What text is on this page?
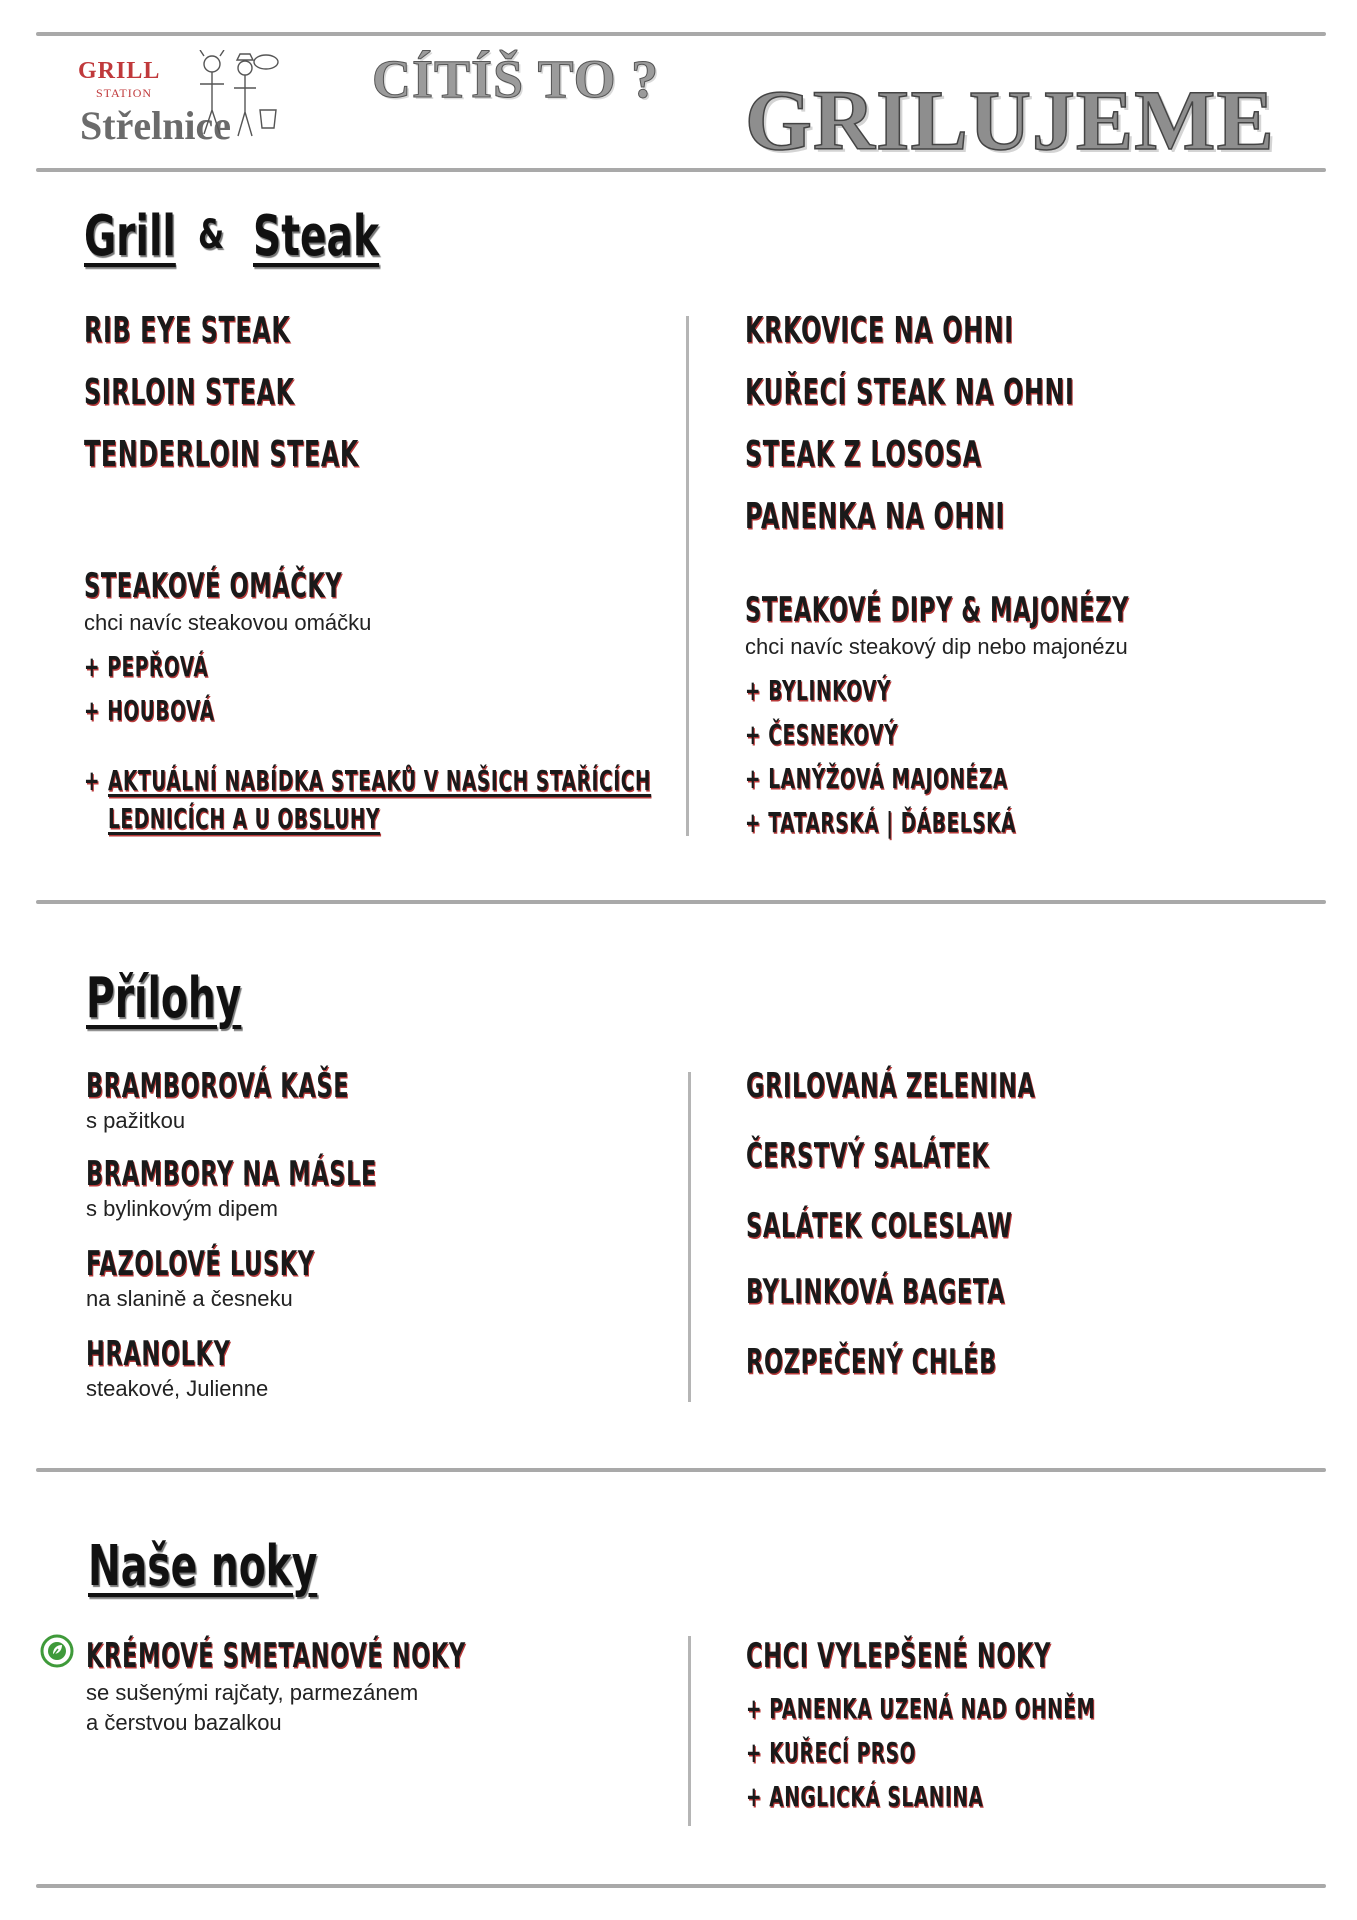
GRILL
STATION
Střelnice
CÍTÍŠ TO ? GRILUJEME
Grill & Steak
RIB EYE STEAK
SIRLOIN STEAK
TENDERLOIN STEAK
KRKOVICE NA OHNI
KUŘECÍ STEAK NA OHNI
STEAK Z LOSOSA
PANENKA NA OHNI
STEAKOVÉ OMÁČKY
chci navíc steakovou omáčku
+ PEPŘOVÁ
+ HOUBOVÁ
+ AKTUÁLNÍ NABÍDKA STEAKŮ V NAŠICH STAŘÍCÍCH
LEDNICÍCH A U OBSLUHY
STEAKOVÉ DIPY & MAJONÉZY
chci navíc steakový dip nebo majonézu
+ BYLINKOVÝ
+ ČESNEKOVÝ
+ LANÝŽOVÁ MAJONÉZA
+ TATARSKÁ | ĎÁBELSKÁ
Přílohy
BRAMBOROVÁ KAŠE
s pažitkou
BRAMBORY NA MÁSLE
s bylinkovým dipem
FAZOLOVÉ LUSKY
na slanině a česneku
HRANOLKY
steakové, Julienne
GRILOVANÁ ZELENINA
ČERSTVÝ SALÁTEK
SALÁTEK COLESLAW
BYLINKOVÁ BAGETA
ROZPEČENÝ CHLÉB
Naše noky
KRÉMOVÉ SMETANOVÉ NOKY
se sušenými rajčaty, parmezánem
a čerstvou bazalkou
CHCI VYLEPŠENÉ NOKY
+ PANENKA UZENÁ NAD OHNĚM
+ KUŘECÍ PRSO
+ ANGLICKÁ SLANINA
